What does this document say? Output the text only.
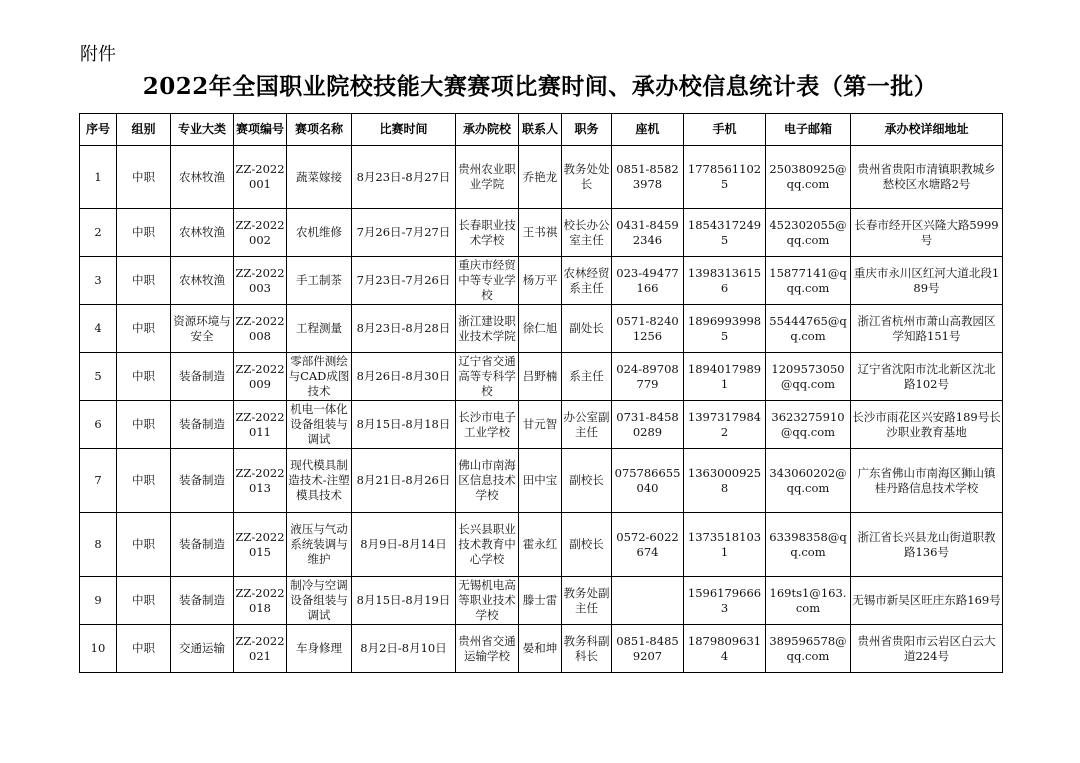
附件
2022年全国职业院校技能大赛赛项比赛时间、承办校信息统计表（第一批）
序号	组别	专业大类	赛项编号	赛项名称	比赛时间	承办院校	联系人	职务	座机	手机	电子邮箱	承办校详细地址
1	中职	农林牧渔	ZZ-2022001	蔬菜嫁接	8月23日-8月27日	贵州农业职业学院	乔艳龙	教务处处长	0851-85823978	17785611025	250380925@qq.com	贵州省贵阳市清镇职教城乡愁校区水塘路2号
2	中职	农林牧渔	ZZ-2022002	农机维修	7月26日-7月27日	长春职业技术学校	王书祺	校长办公室主任	0431-84592346	18543172495	452302055@qq.com	长春市经开区兴隆大路5999号
3	中职	农林牧渔	ZZ-2022003	手工制茶	7月23日-7月26日	重庆市经贸中等专业学校	杨万平	农林经贸系主任	023-49477166	13983136156	15877141@qqq.com	重庆市永川区红河大道北段189号
4	中职	资源环境与安全	ZZ-2022008	工程测量	8月23日-8月28日	浙江建设职业技术学院	徐仁旭	副处长	0571-82401256	18969939985	55444765@qq.com	浙江省杭州市萧山高教园区学知路151号
5	中职	装备制造	ZZ-2022009	零部件测绘与CAD成图技术	8月26日-8月30日	辽宁省交通高等专科学校	吕野楠	系主任	024-89708779	18940179891	1209573050@qq.com	辽宁省沈阳市沈北新区沈北路102号
6	中职	装备制造	ZZ-2022011	机电一体化设备组装与调试	8月15日-8月18日	长沙市电子工业学校	甘元智	办公室副主任	0731-84580289	13973179842	3623275910@qq.com	长沙市雨花区兴安路189号长沙职业教育基地
7	中职	装备制造	ZZ-2022013	现代模具制造技术-注塑模具技术	8月21日-8月26日	佛山市南海区信息技术学校	田中宝	副校长	075786655040	13630009258	343060202@qq.com	广东省佛山市南海区狮山镇桂丹路信息技术学校
8	中职	装备制造	ZZ-2022015	液压与气动系统装调与维护	8月9日-8月14日	长兴县职业技术教育中心学校	霍永红	副校长	0572-6022674	13735181031	63398358@qq.com	浙江省长兴县龙山街道职教路136号
9	中职	装备制造	ZZ-2022018	制冷与空调设备组装与调试	8月15日-8月19日	无锡机电高等职业技术学校	滕士雷	教务处副主任		15961796663	169ts1@163.com	无锡市新吴区旺庄东路169号
10	中职	交通运输	ZZ-2022021	车身修理	8月2日-8月10日	贵州省交通运输学校	晏和坤	教务科副科长	0851-84859207	18798096314	389596578@qq.com	贵州省贵阳市云岩区白云大道224号
